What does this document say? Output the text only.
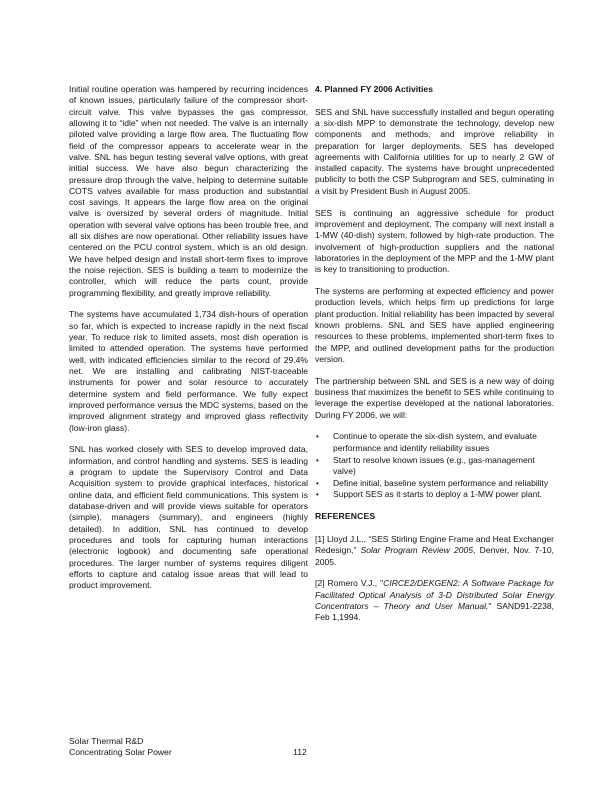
Initial routine operation was hampered by recurring incidences of known issues, particularly failure of the compressor short-circuit valve. This valve bypasses the gas compressor, allowing it to “idle” when not needed. The valve is an internally piloted valve providing a large flow area. The fluctuating flow field of the compressor appears to accelerate wear in the valve. SNL has begun testing several valve options, with great initial success. We have also begun characterizing the pressure drop through the valve, helping to determine suitable COTS valves available for mass production and substantial cost savings. It appears the large flow area on the original valve is oversized by several orders of magnitude. Initial operation with several valve options has been trouble free, and all six dishes are now operational. Other reliability issues have centered on the PCU control system, which is an old design. We have helped design and install short-term fixes to improve the noise rejection. SES is building a team to modernize the controller, which will reduce the parts count, provide programming flexibility, and greatly improve reliability.

The systems have accumulated 1,734 dish-hours of operation so far, which is expected to increase rapidly in the next fiscal year. To reduce risk to limited assets, most dish operation is limited to attended operation. The systems have performed well, with indicated efficiencies similar to the record of 29.4% net. We are installing and calibrating NIST-traceable instruments for power and solar resource to accurately determine system and field performance. We fully expect improved performance versus the MDC systems, based on the improved alignment strategy and improved glass reflectivity (low-iron glass).

SNL has worked closely with SES to develop improved data, information, and control handling and systems. SES is leading a program to update the Supervisory Control and Data Acquisition system to provide graphical interfaces, historical online data, and efficient field communications. This system is database-driven and will provide views suitable for operators (simple), managers (summary), and engineers (highly detailed). In addition, SNL has continued to develop procedures and tools for capturing human interactions (electronic logbook) and documenting safe operational procedures. The larger number of systems requires diligent efforts to capture and catalog issue areas that will lead to product improvement.

4. Planned FY 2006 Activities

SES and SNL have successfully installed and begun operating a six-dish MPP to demonstrate the technology, develop new components and methods, and improve reliability in preparation for larger deployments. SES has developed agreements with California utilities for up to nearly 2 GW of installed capacity. The systems have brought unprecedented publicity to both the CSP Subprogram and SES, culminating in a visit by President Bush in August 2005.

SES is continuing an aggressive schedule for product improvement and deployment. The company will next install a 1-MW (40-dish) system, followed by high-rate production. The involvement of high-production suppliers and the national laboratories in the deployment of the MPP and the 1-MW plant is key to transitioning to production.

The systems are performing at expected efficiency and power production levels, which helps firm up predictions for large plant production. Initial reliability has been impacted by several known problems. SNL and SES have applied engineering resources to these problems, implemented short-term fixes to the MPP, and outlined development paths for the production version.

The partnership between SNL and SES is a new way of doing business that maximizes the benefit to SES while continuing to leverage the expertise developed at the national laboratories. During FY 2006, we will:

• Continue to operate the six-dish system, and evaluate performance and identify reliability issues
• Start to resolve known issues (e.g., gas-management valve)
• Define initial, baseline system performance and reliability
• Support SES as it starts to deploy a 1-MW power plant.
REFERENCES

[1] Lloyd J.L., “SES Stirling Engine Frame and Heat Exchanger Redesign,” Solar Program Review 2005, Denver, Nov. 7-10, 2005.

[2] Romero V.J., "CIRCE2/DEKGEN2: A Software Package for Facilitated Optical Analysis of 3-D Distributed Solar Energy Concentrators – Theory and User Manual," SAND91-2238, Feb 1,1994.

Solar Thermal R&D
Concentrating Solar Power	112
